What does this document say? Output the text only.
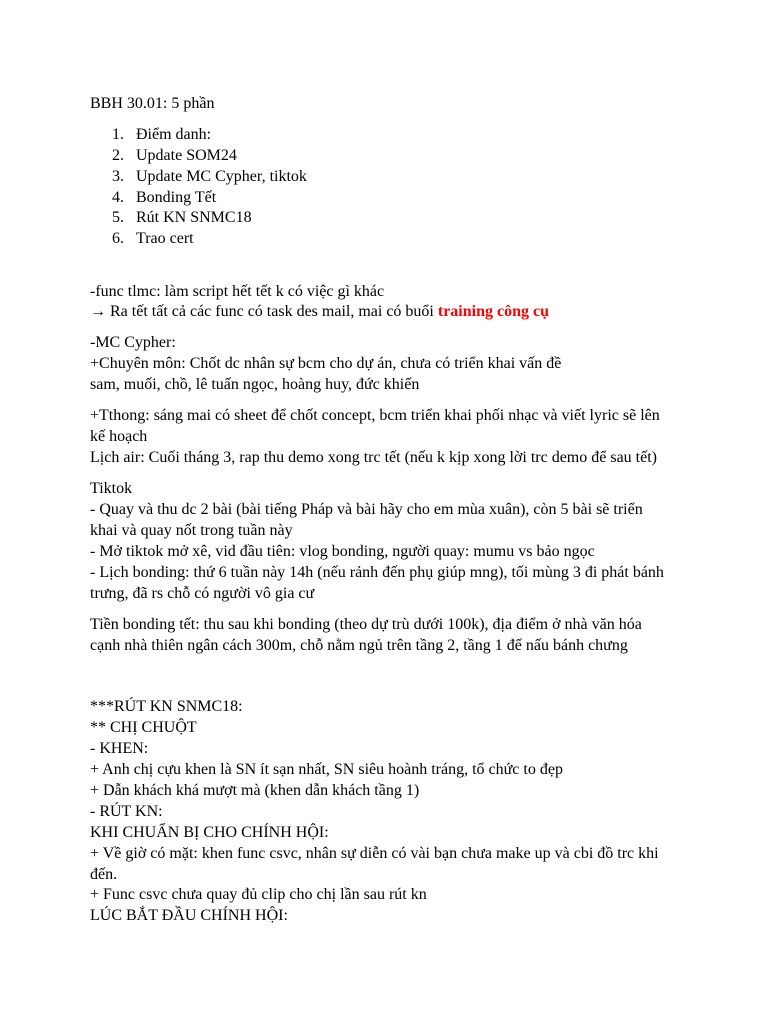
BBH 30.01: 5 phần
1. Điểm danh:
2. Update SOM24
3. Update MC Cypher, tiktok
4. Bonding Tết
5. Rút KN SNMC18
6. Trao cert
-func tlmc: làm script hết tết k có việc gì khác
→ Ra tết tất cả các func có task des mail, mai có buổi training công cụ
-MC Cypher:
+Chuyên môn: Chốt dc nhân sự bcm cho dự án, chưa có triển khai vấn đề
sam, muối, chồ, lê tuấn ngọc, hoàng huy, đức khiến
+Tthong: sáng mai có sheet để chốt concept, bcm triển khai phối nhạc và viết lyric sẽ lên
kế hoạch
Lịch air: Cuối tháng 3, rap thu demo xong trc tết (nếu k kịp xong lời trc demo để sau tết)
Tiktok
- Quay và thu dc 2 bài (bài tiếng Pháp và bài hãy cho em mùa xuân), còn 5 bài sẽ triển
khai và quay nốt trong tuần này
- Mở tiktok mở xê, vid đầu tiên: vlog bonding, người quay: mumu vs bảo ngọc
- Lịch bonding: thứ 6 tuần này 14h (nếu rảnh đến phụ giúp mng), tối mùng 3 đi phát bánh
trưng, đã rs chỗ có người vô gia cư
Tiền bonding tết: thu sau khi bonding (theo dự trù dưới 100k), địa điểm ở nhà văn hóa
cạnh nhà thiên ngân cách 300m, chỗ nằm ngủ trên tầng 2, tầng 1 để nấu bánh chưng
***RÚT KN SNMC18:
** CHỊ CHUỘT
- KHEN:
+ Anh chị cựu khen là SN ít sạn nhất, SN siêu hoành tráng, tổ chức to đẹp
+ Dẫn khách khá mượt mà (khen dẫn khách tầng 1)
- RÚT KN:
KHI CHUẨN BỊ CHO CHÍNH HỘI:
+ Về giờ có mặt: khen func csvc, nhân sự diễn có vài bạn chưa make up và cbi đồ trc khi
đến.
+ Func csvc chưa quay đủ clip cho chị lần sau rút kn
LÚC BẮT ĐẦU CHÍNH HỘI:
